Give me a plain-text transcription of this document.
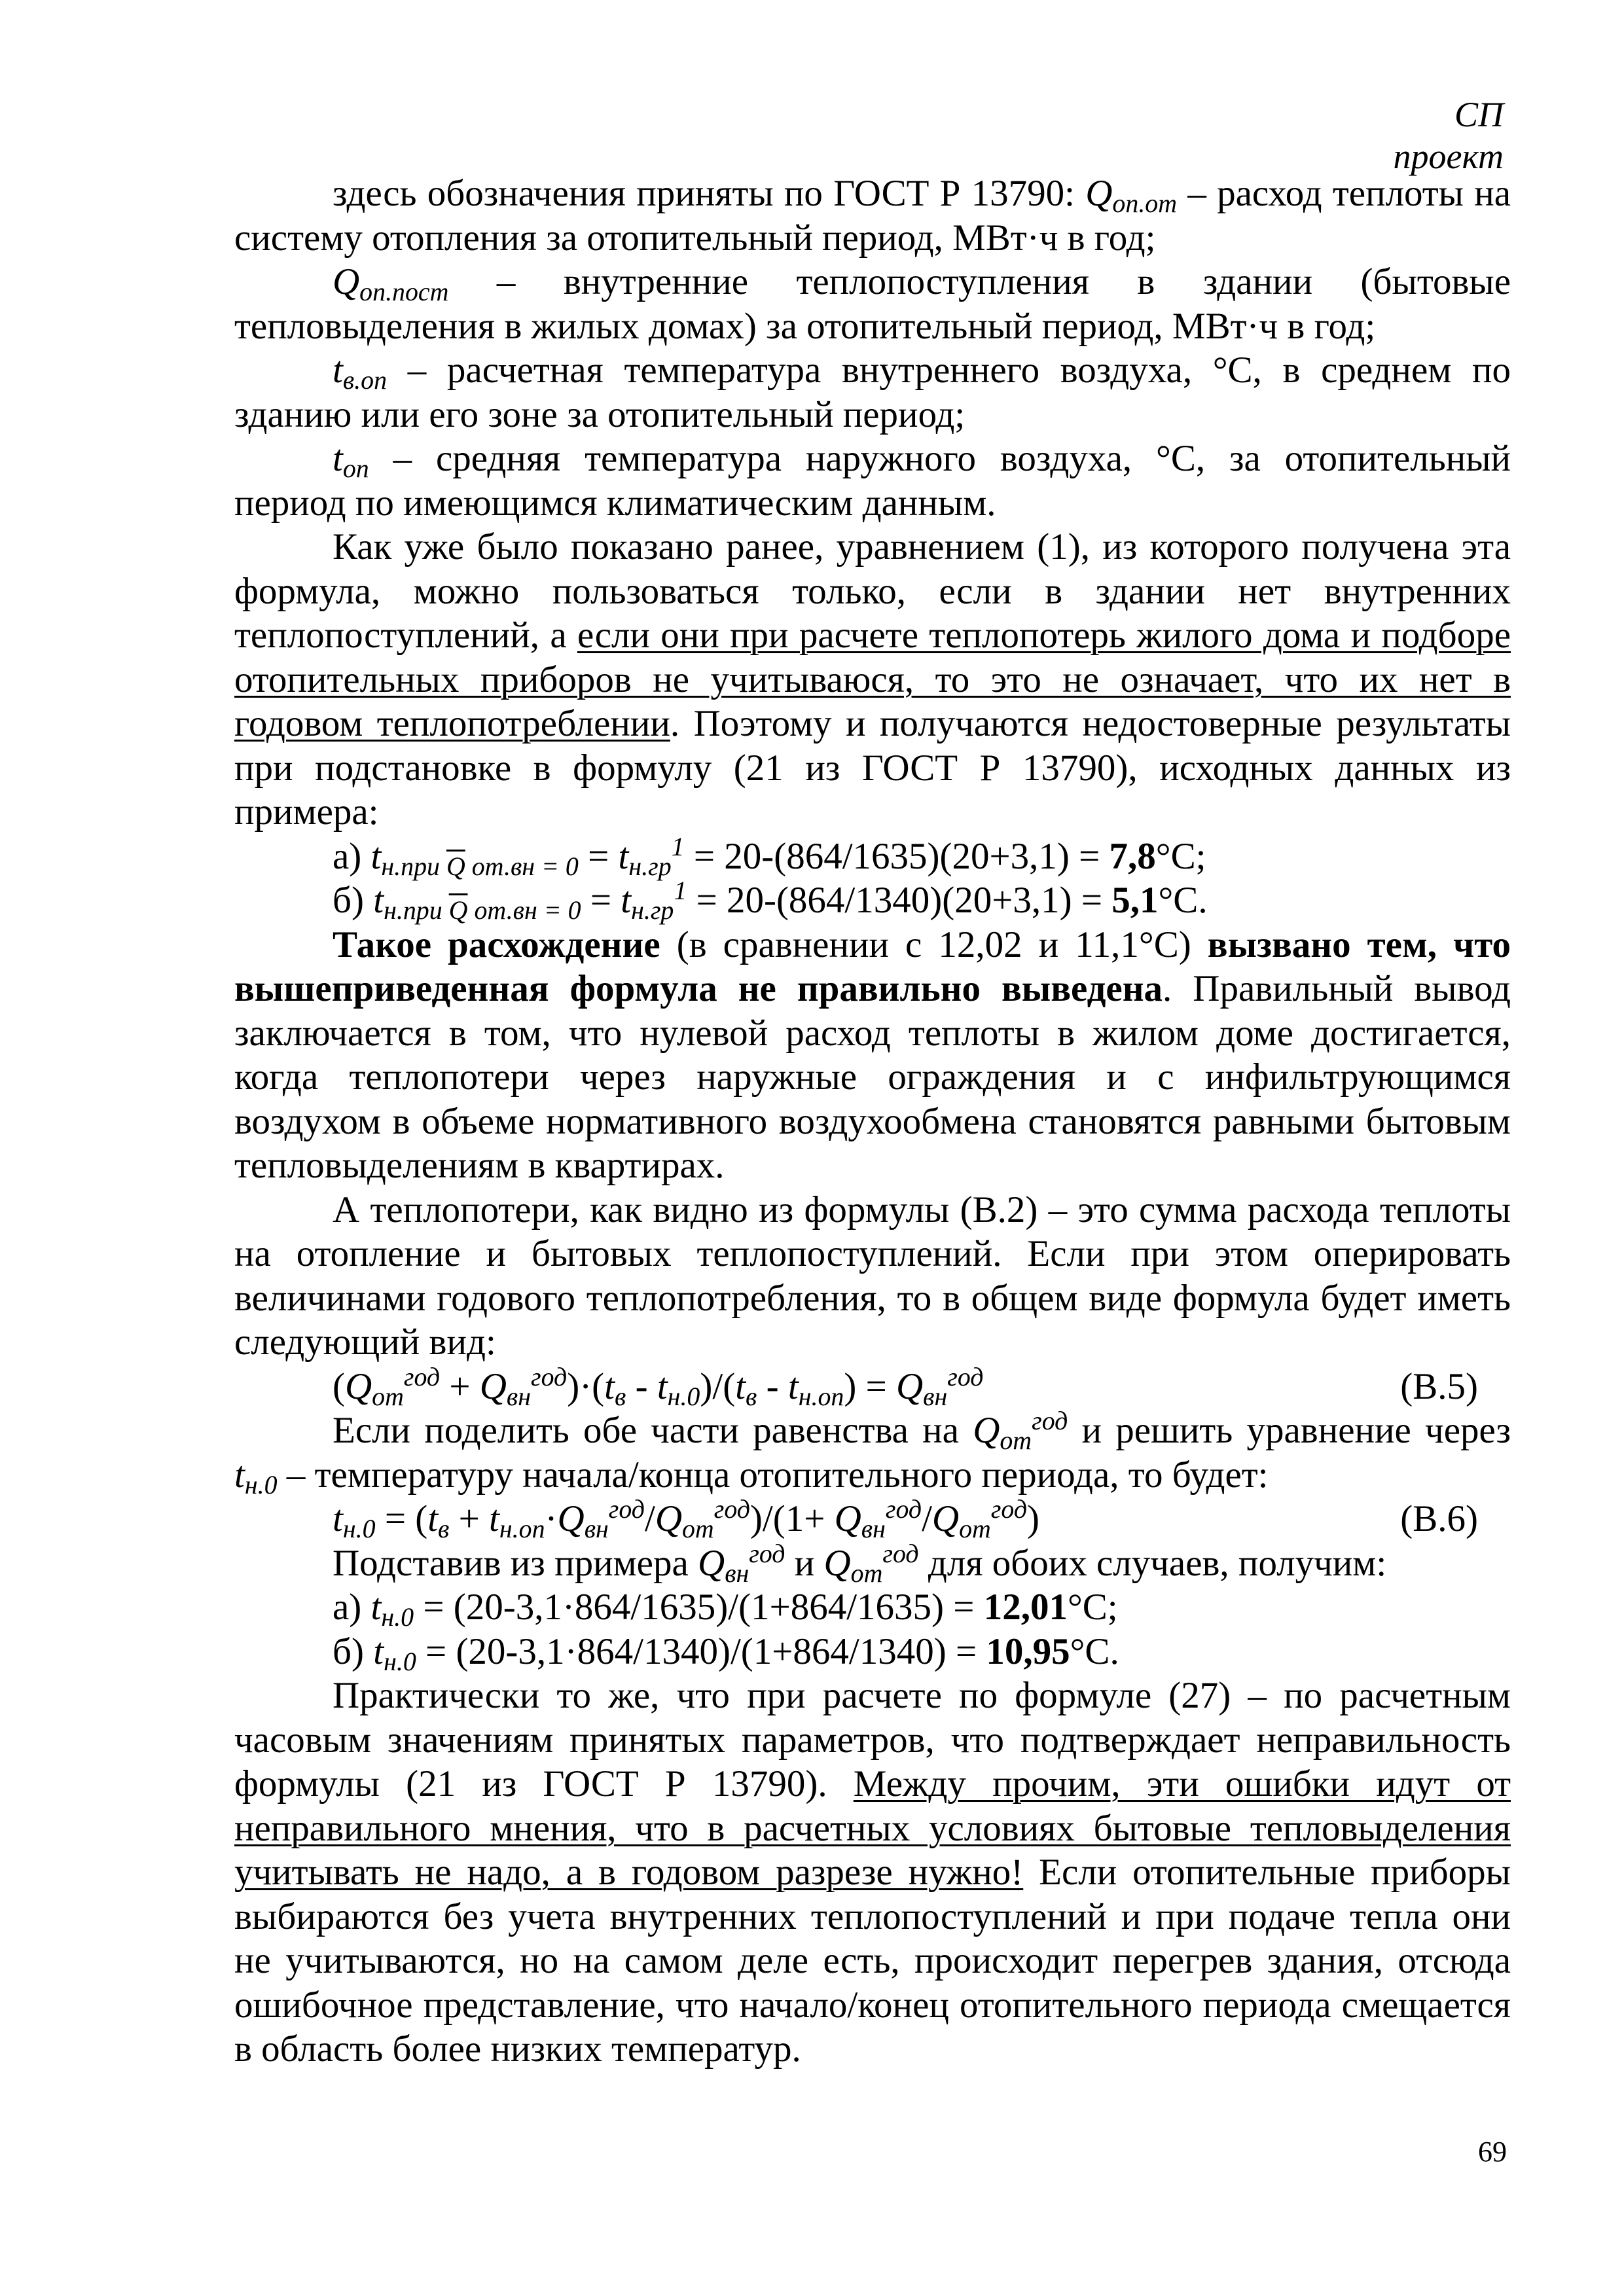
СП
проект

здесь обозначения приняты по ГОСТ Р 13790: $Q_{оп.от}$ – расход теплоты на систему отопления за отопительный период, МВт·ч в год;

$Q_{оп.пост}$ – внутренние теплопоступления в здании (бытовые тепловыделения в жилых домах) за отопительный период, МВт·ч в год;

$t_{в.оп}$ – расчетная температура внутреннего воздуха, °С, в среднем по зданию или его зоне за отопительный период;

$t_{оп}$ – средняя температура наружного воздуха, °С, за отопительный период по имеющимся климатическим данным.

Как уже было показано ранее, уравнением (1), из которого получена эта формула, можно пользоваться только, если в здании нет внутренних теплопоступлений, а если они при расчете теплопотерь жилого дома и подборе отопительных приборов не учитываюся, то это не означает, что их нет в годовом теплопотреблении. Поэтому и получаются недостоверные результаты при подстановке в формулу (21 из ГОСТ Р 13790), исходных данных из примера:

а) $t_{н.при \overline{Q} от.вн = 0} = t_{н.гр}^1 = 20-(864/1635)(20+3,1) = 7,8^\circ С$;

б) $t_{н.при \overline{Q} от.вн = 0} = t_{н.гр}^1 = 20-(864/1340)(20+3,1) = 5,1^\circ С$.

Такое расхождение (в сравнении с 12,02 и 11,1°С) вызвано тем, что вышеприведенная формула не правильно выведена. Правильный вывод заключается в том, что нулевой расход теплоты в жилом доме достигается, когда теплопотери через наружные ограждения и с инфильтрующимся воздухом в объеме нормативного воздухообмена становятся равными бытовым тепловыделениям в квартирах.

А теплопотери, как видно из формулы (В.2) – это сумма расхода теплоты на отопление и бытовых теплопоступлений. Если при этом оперировать величинами годового теплопотребления, то в общем виде формула будет иметь следующий вид:

$(Q_{от}^{год} + Q_{вн}^{год})\cdot(t_в - t_{н.0})/(t_в - t_{н.оп}) = Q_{вн}^{год}$	(В.5)

Если поделить обе части равенства на $Q_{от}^{год}$ и решить уравнение через $t_{н.0}$ – температуру начала/конца отопительного периода, то будет:

$t_{н.0} = (t_в + t_{н.оп}\cdot Q_{вн}^{год}/Q_{от}^{год})/(1+ Q_{вн}^{год}/Q_{от}^{год})$	(В.6)

Подставив из примера $Q_{вн}^{год}$ и $Q_{от}^{год}$ для обоих случаев, получим:

а) $t_{н.0} = (20-3,1\cdot 864/1635)/(1+864/1635) = 12,01^\circ С$;

б) $t_{н.0} = (20-3,1\cdot 864/1340)/(1+864/1340) = 10,95^\circ С$.

Практически то же, что при расчете по формуле (27) – по расчетным часовым значениям принятых параметров, что подтверждает неправильность формулы (21 из ГОСТ Р 13790). Между прочим, эти ошибки идут от неправильного мнения, что в расчетных условиях бытовые тепловыделения учитывать не надо, а в годовом разрезе нужно! Если отопительные приборы выбираются без учета внутренних теплопоступлений и при подаче тепла они не учитываются, но на самом деле есть, происходит перегрев здания, отсюда ошибочное представление, что начало/конец отопительного периода смещается в область более низких температур.

69
